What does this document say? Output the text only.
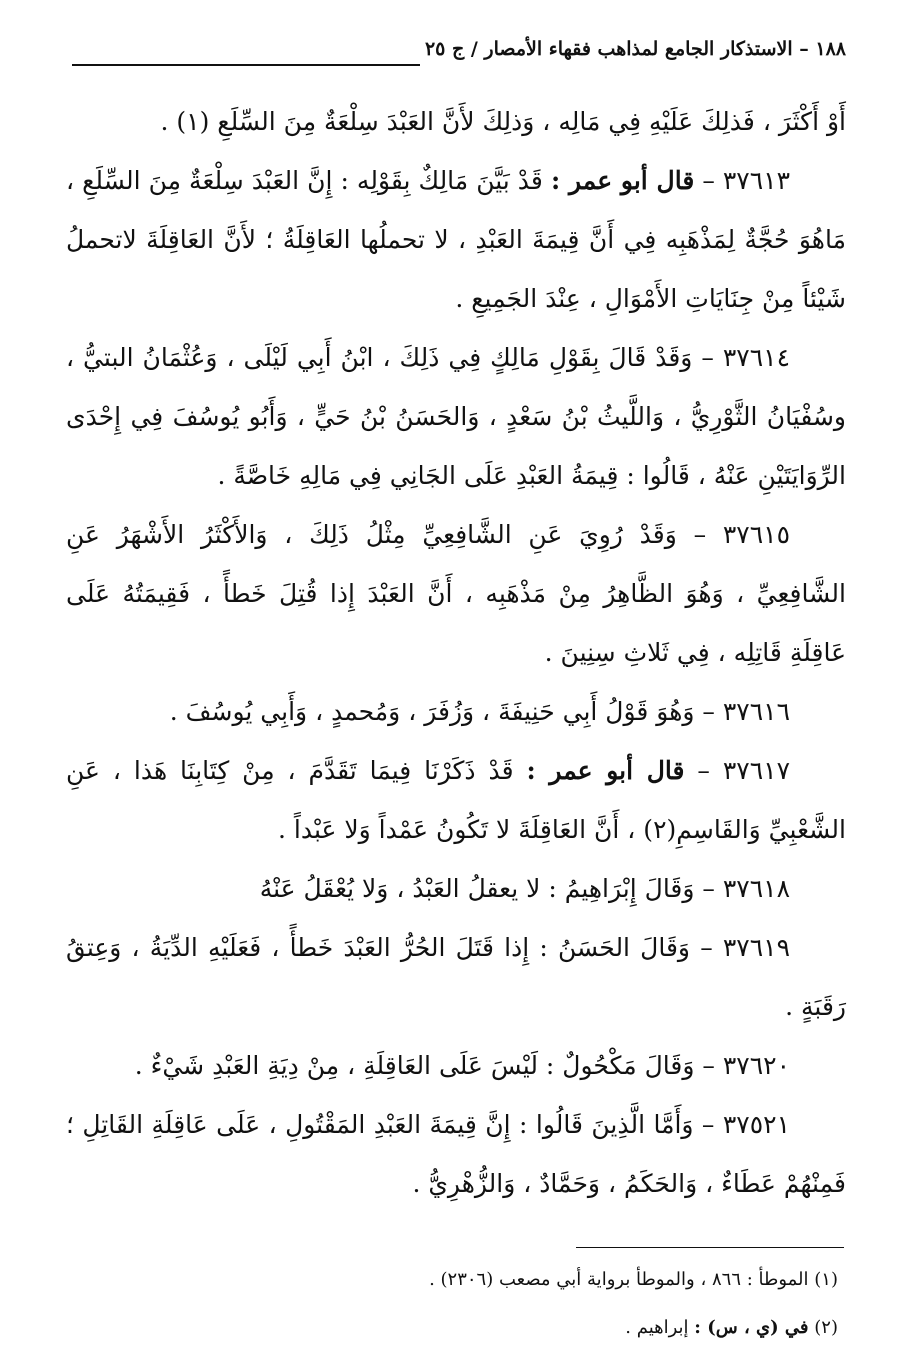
١٨٨ – الاستذكار الجامع لمذاهب فقهاء الأمصار / ج ٢٥

أَوْ أَكْثَرَ ، فَذلِكَ عَلَيْهِ فِي مَالِه ، وَذلِكَ لأَنَّ العَبْدَ سِلْعَةٌ مِنَ السِّلَعِ (١) .

٣٧٦١٣ – قال أبو عمر : قَدْ بَيَّنَ مَالِكٌ بِقَوْلِه : إِنَّ العَبْدَ سِلْعَةٌ مِنَ السِّلَعِ ، مَاهُوَ حُجَّةٌ لِمَذْهَبِه فِي أَنَّ قِيمَةَ العَبْدِ ، لا تحملُها العَاقِلَةُ ؛ لأَنَّ العَاقِلَةَ لاتحملُ شَيْئاً مِنْ جِنَايَاتِ الأَمْوَالِ ، عِنْدَ الجَمِيعِ .

٣٧٦١٤ – وَقَدْ قَالَ بِقَوْلِ مَالِكٍ فِي ذَلِكَ ، ابْنُ أَبِي لَيْلَى ، وَعُثْمَانُ البتيُّ ، وسُفْيَانُ الثَّوْرِيُّ ، وَاللَّيثُ بْنُ سَعْدٍ ، وَالحَسَنُ بْنُ حَيٍّ ، وَأَبُو يُوسُفَ فِي إِحْدَى الرِّوَايَتَيْنِ عَنْهُ ، قَالُوا : قِيمَةُ العَبْدِ عَلَى الجَانِي فِي مَالِهِ خَاصَّةً .

٣٧٦١٥ – وَقَدْ رُوِيَ عَنِ الشَّافِعِيِّ مِثْلُ ذَلِكَ ، وَالأَكْثَرُ الأَشْهَرُ عَنِ الشَّافِعِيِّ ، وَهُوَ الظَّاهِرُ مِنْ مَذْهَبِه ، أَنَّ العَبْدَ إِذا قُتِلَ خَطأً ، فَقِيمَتُهُ عَلَى عَاقِلَةِ قَاتِلِه ، فِي ثَلاثِ سِنِينَ .

٣٧٦١٦ – وَهُوَ قَوْلُ أَبِي حَنِيفَةَ ، وَزُفَرَ ، وَمُحمدٍ ، وَأَبِي يُوسُفَ .

٣٧٦١٧ – قال أبو عمر : قَدْ ذَكَرْنَا فِيمَا تَقَدَّمَ ، مِنْ كِتَابِنَا هَذا ، عَنِ الشَّعْبِيِّ وَالقَاسِمِ(٢) ، أَنَّ العَاقِلَةَ لا تَكُونُ عَمْداً وَلا عَبْداً .

٣٧٦١٨ – وَقَالَ إِبْرَاهِيمُ : لا يعقلُ العَبْدُ ، وَلا يُعْقَلُ عَنْهُ

٣٧٦١٩ – وَقَالَ الحَسَنُ : إِذا قَتَلَ الحُرُّ العَبْدَ خَطأً ، فَعَلَيْهِ الدِّيَةُ ، وَعِتقُ رَقَبَةٍ .

٣٧٦٢٠ – وَقَالَ مَكْحُولٌ : لَيْسَ عَلَى العَاقِلَةِ ، مِنْ دِيَةِ العَبْدِ شَيْءٌ .

٣٧٥٢١ – وَأَمَّا الَّذِينَ قَالُوا : إِنَّ قِيمَةَ العَبْدِ المَقْتُولِ ، عَلَى عَاقِلَةِ القَاتِلِ ؛ فَمِنْهُمْ عَطَاءٌ ، وَالحَكَمُ ، وَحَمَّادٌ ، وَالزُّهْرِيُّ .

(١) الموطأ : ٨٦٦ ، والموطأ برواية أبي مصعب (٢٣٠٦) .

(٢) في (ي ، س) : إبراهيم .
